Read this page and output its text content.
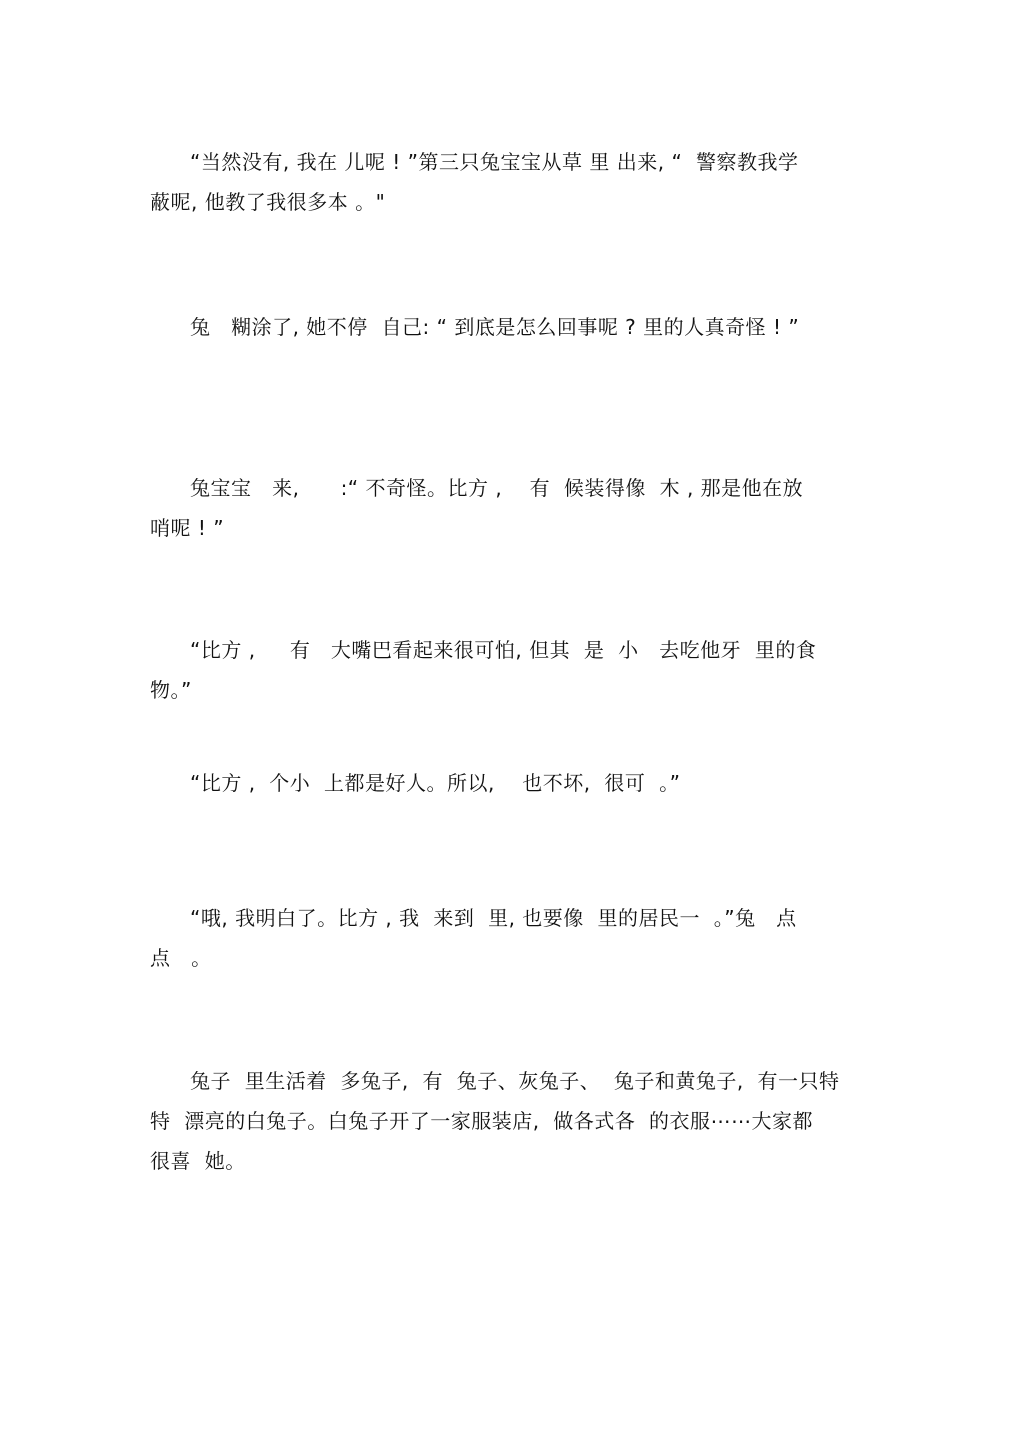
“当然没有, 我在 儿呢 ! ”第三只兔宝宝从草 里 出来, “  警察教我学
蔽呢, 他教了我很多本 。"
兔   糊涂了, 她不停  自己: “ 到底是怎么回事呢 ? 里的人真奇怪 ! ”
兔宝宝   来,      :“ 不奇怪。比方 ,    有  候装得像  木 , 那是他在放
哨呢 ! ”
“比方 ,     有   大嘴巴看起来很可怕, 但其  是  小   去吃他牙  里的食
物。”
“比方 ,  个小  上都是好人。所以,    也不坏,  很可  。”
“哦, 我明白了。比方 , 我  来到  里, 也要像  里的居民一  。”兔   点
点   。
兔子  里生活着  多兔子,  有  兔子、灰兔子、  兔子和黄兔子,  有一只特
特  漂亮的白兔子。白兔子开了一家服装店,  做各式各  的衣服⋯⋯大家都
很喜  她。
